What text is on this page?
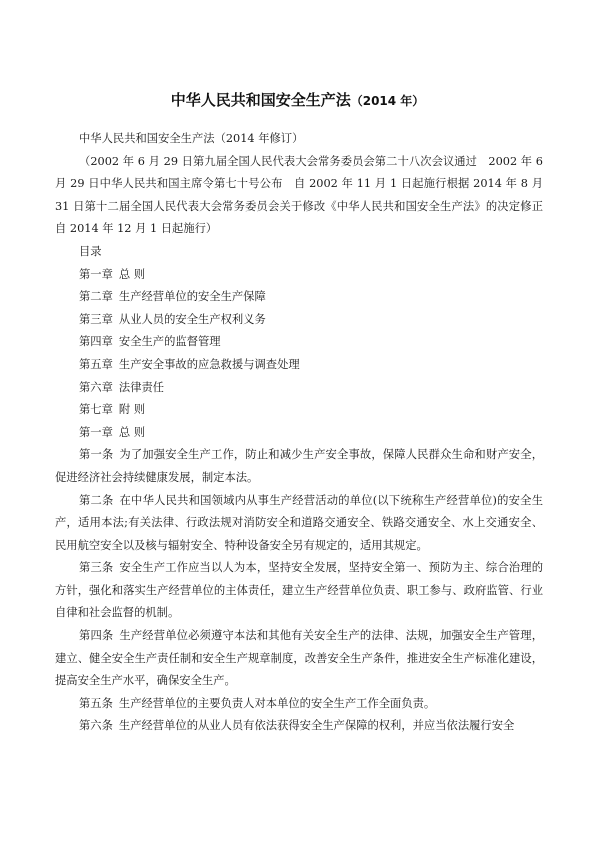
中华人民共和国安全生产法（2014 年）

中华人民共和国安全生产法（2014 年修订）

（2002 年 6 月 29 日第九届全国人民代表大会常务委员会第二十八次会议通过　2002 年 6 月 29 日中华人民共和国主席令第七十号公布　自 2002 年 11 月 1 日起施行根据 2014 年 8 月 31 日第十二届全国人民代表大会常务委员会关于修改《中华人民共和国安全生产法》的决定修正自 2014 年 12 月 1 日起施行）

目录

第一章 总 则

第二章 生产经营单位的安全生产保障

第三章 从业人员的安全生产权利义务

第四章 安全生产的监督管理

第五章 生产安全事故的应急救援与调查处理

第六章 法律责任

第七章 附 则

第一章 总 则

第一条 为了加强安全生产工作，防止和减少生产安全事故，保障人民群众生命和财产安全，促进经济社会持续健康发展，制定本法。

第二条 在中华人民共和国领域内从事生产经营活动的单位(以下统称生产经营单位)的安全生产，适用本法;有关法律、行政法规对消防安全和道路交通安全、铁路交通安全、水上交通安全、民用航空安全以及核与辐射安全、特种设备安全另有规定的，适用其规定。

第三条 安全生产工作应当以人为本，坚持安全发展，坚持安全第一、预防为主、综合治理的方针，强化和落实生产经营单位的主体责任，建立生产经营单位负责、职工参与、政府监管、行业自律和社会监督的机制。

第四条 生产经营单位必须遵守本法和其他有关安全生产的法律、法规，加强安全生产管理，建立、健全安全生产责任制和安全生产规章制度，改善安全生产条件，推进安全生产标准化建设，提高安全生产水平，确保安全生产。

第五条 生产经营单位的主要负责人对本单位的安全生产工作全面负责。

第六条 生产经营单位的从业人员有依法获得安全生产保障的权利，并应当依法履行安全
